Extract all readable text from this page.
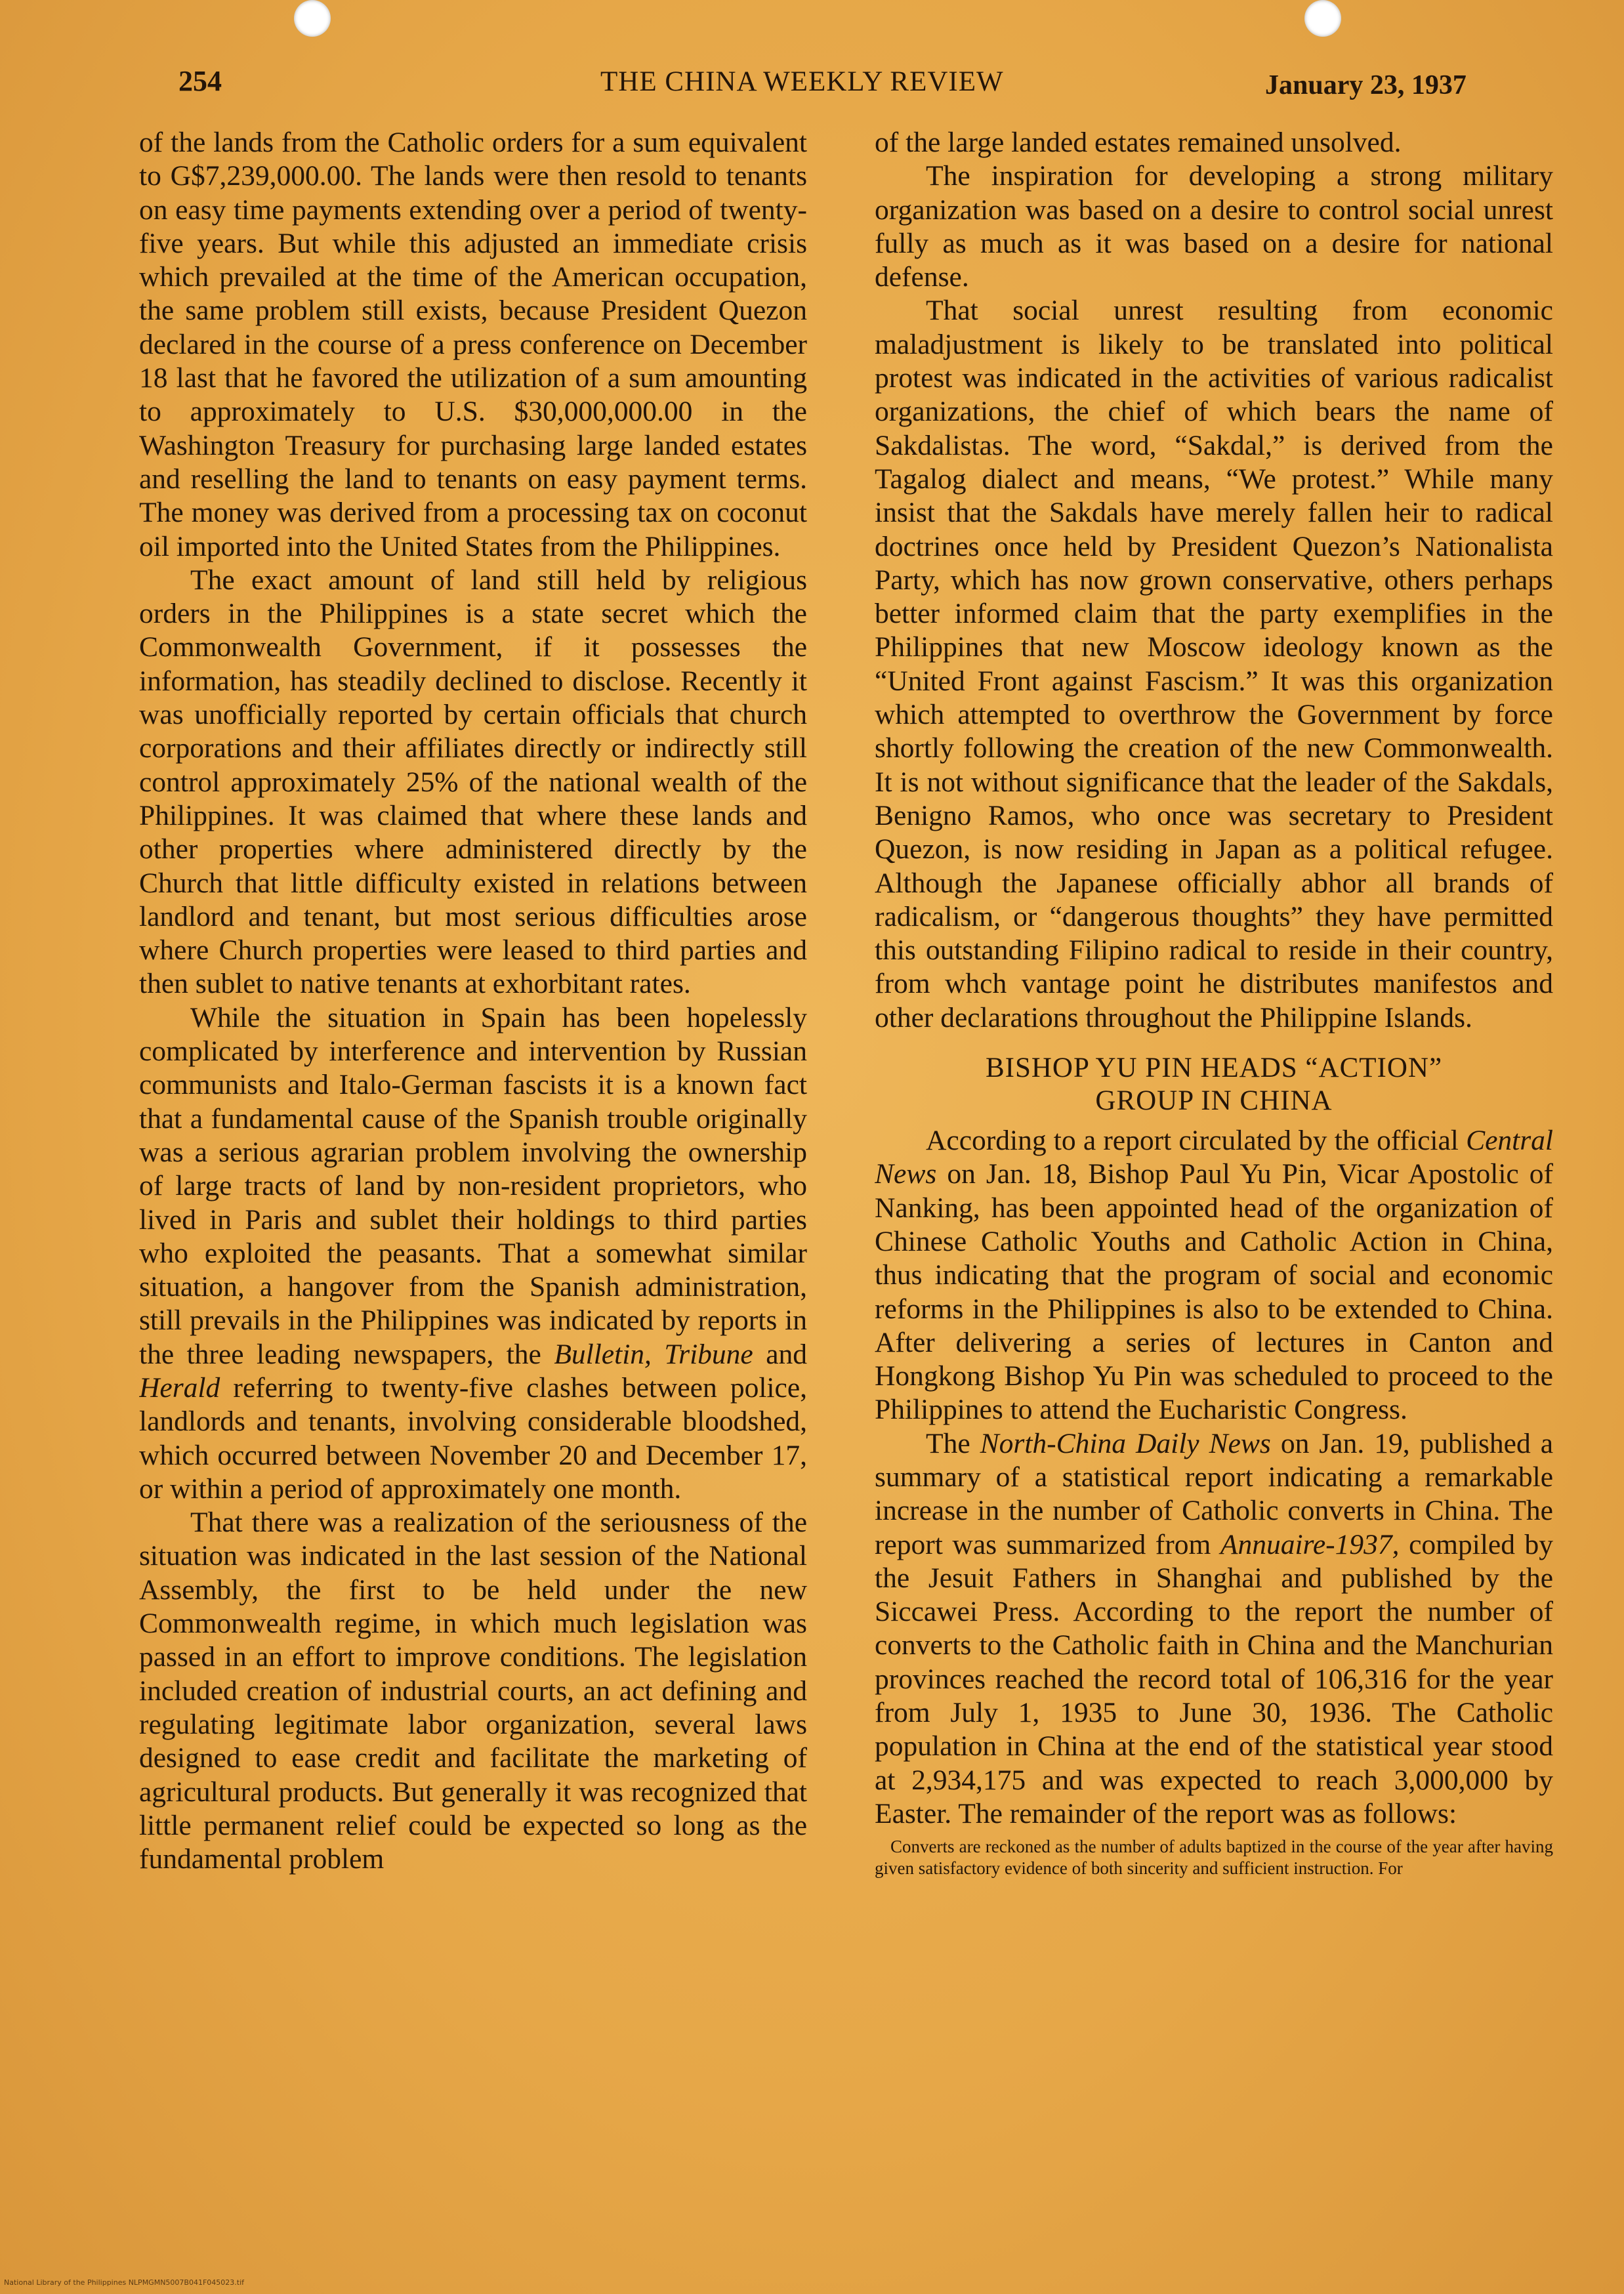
254	THE CHINA WEEKLY REVIEW	January 23, 1937

of the lands from the Catholic orders for a sum equivalent to G$7,239,000.00. The lands were then resold to tenants on easy time payments extending over a period of twenty-five years. But while this adjusted an immediate crisis which prevailed at the time of the American occupation, the same problem still exists, because President Quezon declared in the course of a press conference on December 18 last that he favored the utilization of a sum amounting to approximately to U.S. $30,000,000.00 in the Washington Treasury for purchasing large landed estates and reselling the land to tenants on easy payment terms. The money was derived from a processing tax on coconut oil imported into the United States from the Philippines.

The exact amount of land still held by religious orders in the Philippines is a state secret which the Commonwealth Government, if it possesses the information, has steadily declined to disclose. Recently it was unofficially reported by certain officials that church corporations and their affiliates directly or indirectly still control approximately 25% of the national wealth of the Philippines. It was claimed that where these lands and other properties where administered directly by the Church that little difficulty existed in relations between landlord and tenant, but most serious difficulties arose where Church properties were leased to third parties and then sublet to native tenants at exhorbitant rates.

While the situation in Spain has been hopelessly complicated by interference and intervention by Russian communists and Italo-German fascists it is a known fact that a fundamental cause of the Spanish trouble originally was a serious agrarian problem involving the ownership of large tracts of land by non-resident proprietors, who lived in Paris and sublet their holdings to third parties who exploited the peasants. That a somewhat similar situation, a hangover from the Spanish administration, still prevails in the Philippines was indicated by reports in the three leading newspapers, the Bulletin, Tribune and Herald referring to twenty-five clashes between police, landlords and tenants, involving considerable bloodshed, which occurred between November 20 and December 17, or within a period of approximately one month.

That there was a realization of the seriousness of the situation was indicated in the last session of the National Assembly, the first to be held under the new Commonwealth regime, in which much legislation was passed in an effort to improve conditions. The legislation included creation of industrial courts, an act defining and regulating legitimate labor organization, several laws designed to ease credit and facilitate the marketing of agricultural products. But generally it was recognized that little permanent relief could be expected so long as the fundamental problem

of the large landed estates remained unsolved.

The inspiration for developing a strong military organization was based on a desire to control social unrest fully as much as it was based on a desire for national defense.

That social unrest resulting from economic maladjustment is likely to be translated into political protest was indicated in the activities of various radicalist organizations, the chief of which bears the name of Sakdalistas. The word, “Sakdal,” is derived from the Tagalog dialect and means, “We protest.” While many insist that the Sakdals have merely fallen heir to radical doctrines once held by President Quezon’s Nationalista Party, which has now grown conservative, others perhaps better informed claim that the party exemplifies in the Philippines that new Moscow ideology known as the “United Front against Fascism.” It was this organization which attempted to overthrow the Government by force shortly following the creation of the new Commonwealth. It is not without significance that the leader of the Sakdals, Benigno Ramos, who once was secretary to President Quezon, is now residing in Japan as a political refugee. Although the Japanese officially abhor all brands of radicalism, or “dangerous thoughts” they have permitted this outstanding Filipino radical to reside in their country, from whch vantage point he distributes manifestos and other declarations throughout the Philippine Islands.

BISHOP YU PIN HEADS “ACTION”
GROUP IN CHINA

According to a report circulated by the official Central News on Jan. 18, Bishop Paul Yu Pin, Vicar Apostolic of Nanking, has been appointed head of the organization of Chinese Catholic Youths and Catholic Action in China, thus indicating that the program of social and economic reforms in the Philippines is also to be extended to China. After delivering a series of lectures in Canton and Hongkong Bishop Yu Pin was scheduled to proceed to the Philippines to attend the Eucharistic Congress.

The North-China Daily News on Jan. 19, published a summary of a statistical report indicating a remarkable increase in the number of Catholic converts in China. The report was summarized from Annuaire-1937, compiled by the Jesuit Fathers in Shanghai and published by the Siccawei Press. According to the report the number of converts to the Catholic faith in China and the Manchurian provinces reached the record total of 106,316 for the year from July 1, 1935 to June 30, 1936. The Catholic population in China at the end of the statistical year stood at 2,934,175 and was expected to reach 3,000,000 by Easter. The remainder of the report was as follows:

Converts are reckoned as the number of adults baptized in the course of the year after having given satisfactory evidence of both sincerity and sufficient instruction. For

National Library of the Philippines NLPMGMN5007B041F045023.tif
